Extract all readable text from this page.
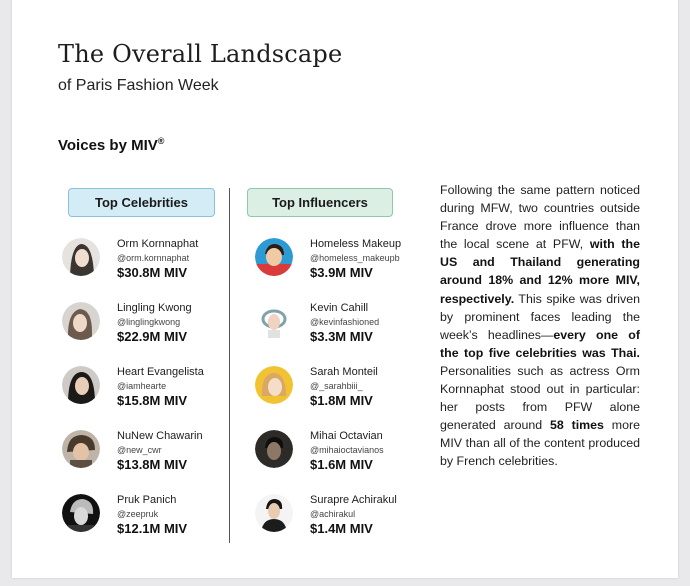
The Overall Landscape
of Paris Fashion Week
Voices by MIV®
Top Celebrities	Top Influencers
Orm Kornnaphat
@orm.kornnaphat
$30.8M MIV
Lingling Kwong
@linglingkwong
$22.9M MIV
Heart Evangelista
@iamhearte
$15.8M MIV
NuNew Chawarin
@new_cwr
$13.8M MIV
Pruk Panich
@zeepruk
$12.1M MIV
Homeless Makeup
@homeless_makeupb
$3.9M MIV
Kevin Cahill
@kevinfashioned
$3.3M MIV
Sarah Monteil
@_sarahbiii_
$1.8M MIV
Mihai Octavian
@mihaioctavianos
$1.6M MIV
Surapre Achirakul
@achirakul
$1.4M MIV
Following the same pattern noticed during MFW, two countries outside France drove more influence than the local scene at PFW, with the US and Thailand generating around 18% and 12% more MIV, respectively. This spike was driven by prominent faces leading the week’s headlines—every one of the top five celebrities was Thai. Personalities such as actress Orm Kornnaphat stood out in particular: her posts from PFW alone generated around 58 times more MIV than all of the content produced by French celebrities.
